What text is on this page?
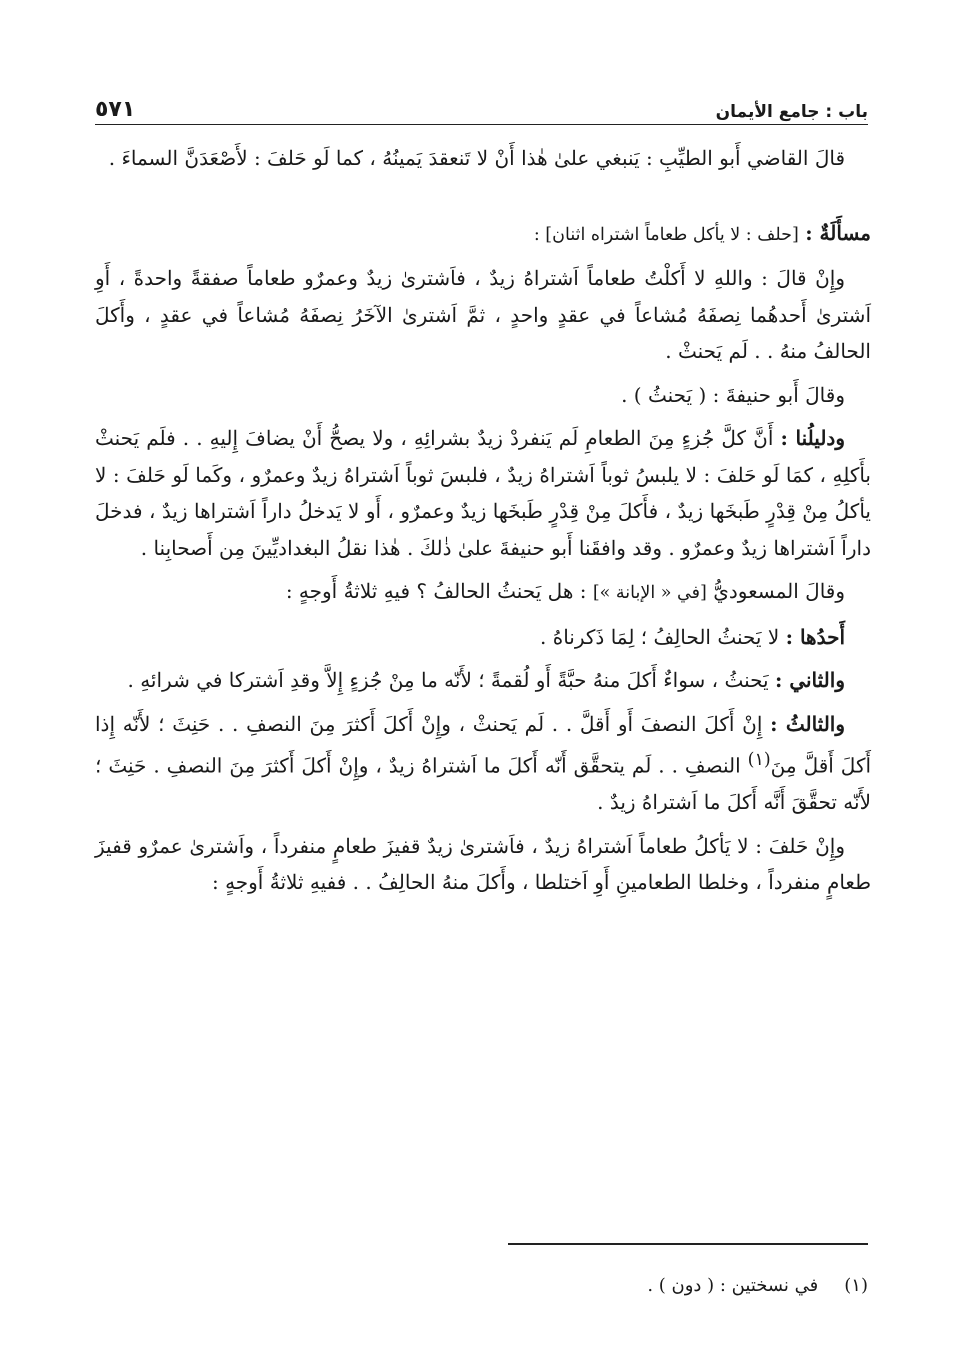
باب : جامع الأيمان
٥٧١

قالَ القاضي أَبو الطيِّبِ : يَنبغي علىٰ هٰذا أَنْ لا تَنعقدَ يَمينُهُ ، كما لَو حَلفَ : لأَصْعَدَنَّ السماءَ .

مسأَلَةٌ : [حلف : لا يأكل طعاماً اشتراه اثنان] :

وإِنْ قالَ : واللهِ لا أَكلْتُ طعاماً اَشتراهُ زيدٌ ، فاَشترىٰ زيدٌ وعمرٌو طعاماً صفقةً واحدةً ، أَوِ اَشترىٰ أَحدهُما نِصفَهُ مُشاعاً في عقدٍ واحدٍ ، ثمَّ اَشترىٰ الآخَرُ نِصفَهُ مُشاعاً في عقدٍ ، وأَكلَ الحالفُ منهُ . . لَم يَحنثْ .

وقالَ أَبو حنيفةَ : ( يَحنثُ ) .

ودليلُنا : أَنَّ كلَّ جُزءٍ مِنَ الطعامِ لَم يَنفردْ زيدٌ بشرائِهِ ، ولا يصحُّ أَنْ يضافَ إِليهِ . . فلَم يَحنثْ بأَكلِهِ ، كمَا لَو حَلفَ : لا يلبسُ ثوباً اَشتراهُ زيدٌ ، فلبسَ ثوباً اَشتراهُ زيدٌ وعمرٌو ، وكَما لَو حَلفَ : لا يأكلُ مِنْ قِدْرٍ طَبخَها زيدٌ ، فأَكلَ مِنْ قِدْرٍ طَبخَها زيدٌ وعمرٌو ، أَو لا يَدخلُ داراً اَشتراها زيدٌ ، فدخلَ داراً اَشتراها زيدٌ وعمرٌو . وقد وافقَنا أَبو حنيفةَ علىٰ ذٰلكَ . هٰذا نقلُ البغداديِّينَ مِن أَصحابِنا .

وقالَ المسعوديُّ [في « الإبانة »] : هل يَحنثُ الحالفُ ؟ فيهِ ثلاثةُ أَوجهٍ :

أَحدُها : لا يَحنثُ الحالِفُ ؛ لِمَا ذَكرناهُ .

والثاني : يَحنثُ ، سواءٌ أَكلَ منهُ حبَّةً أَو لُقمةً ؛ لأَنّه ما مِنْ جُزءٍ إِلاَّ وقدِ اَشتركا في شرائهِ .

والثالثُ : إِنْ أَكلَ النصفَ أَو أَقلَّ . . لَم يَحنثْ ، وإِنْ أَكلَ أَكثرَ مِنَ النصفِ . . حَنِثَ ؛ لأَنّه إِذا أَكلَ أَقلَّ مِنَ$^{(١)}$ النصفِ . . لَم يتحقَّق أَنّه أَكلَ ما اَشتراهُ زيدٌ ، وإِنْ أَكلَ أَكثرَ مِنَ النصفِ . حَنِثَ ؛ لأَنّه تحقَّقَ أَنَّه أَكلَ ما اَشتراهُ زيدٌ .

وإِنْ حَلفَ : لا يَأكلُ طعاماً اَشتراهُ زيدٌ ، فاَشترىٰ زيدٌ قفيزَ طعامٍ منفرداً ، واَشترىٰ عمرٌو قفيزَ طعامٍ منفرداً ، وخلطا الطعامينِ أَوِ اَختلطا ، وأَكلَ منهُ الحالِفُ . . ففيهِ ثلاثةُ أَوجهٍ :

(١)في نسختين : ( دون ) .
